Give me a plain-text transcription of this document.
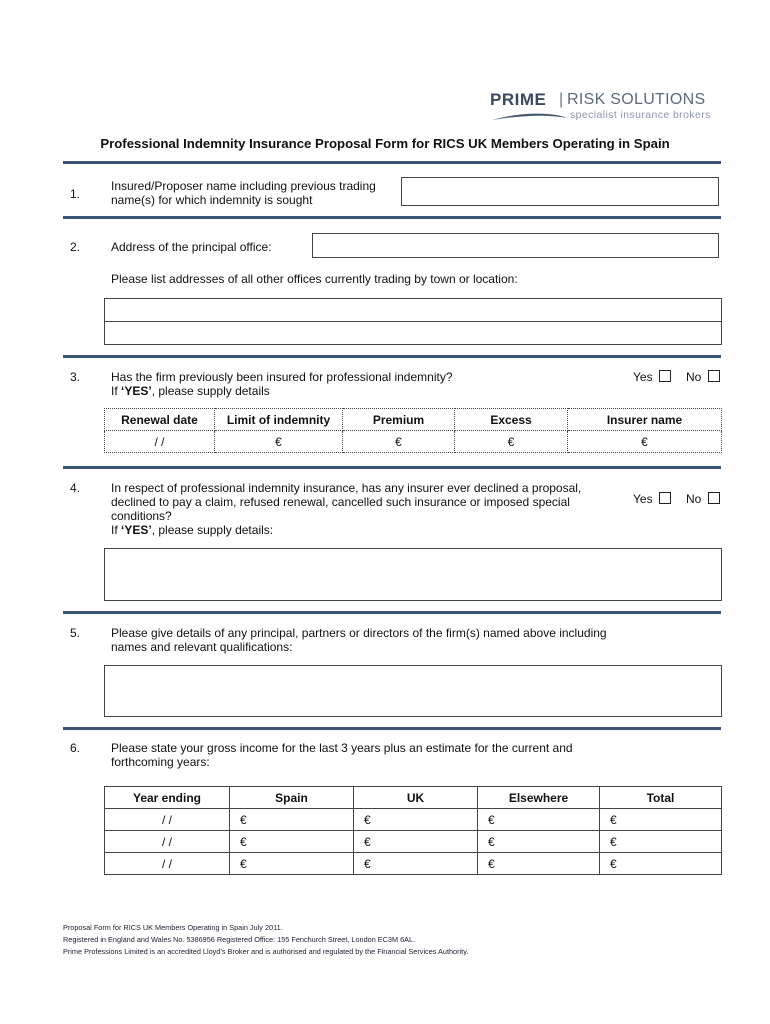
PRIME | RISK SOLUTIONS
specialist insurance brokers
Professional Indemnity Insurance Proposal Form for RICS UK Members Operating in Spain
1.
Insured/Proposer name including previous trading
name(s) for which indemnity is sought
2.	Address of the principal office:
Please list addresses of all other offices currently trading by town or location:
3.	Has the firm previously been insured for professional indemnity?
If ‘YES’, please supply details
Yes	No
Renewal date	Limit of indemnity	Premium	Excess	Insurer name
/ /	€	€	€	€
4.	In respect of professional indemnity insurance, has any insurer ever declined a proposal,
declined to pay a claim, refused renewal, cancelled such insurance or imposed special
conditions?
If ‘YES’, please supply details:
Yes	No
5.	Please give details of any principal, partners or directors of the firm(s) named above including
names and relevant qualifications:
6.	Please state your gross income for the last 3 years plus an estimate for the current and
forthcoming years:
Year ending	Spain	UK	Elsewhere	Total
/ /	€	€	€	€
/ /	€	€	€	€
/ /	€	€	€	€
Proposal Form for RICS UK Members Operating in Spain July 2011.
Registered in England and Wales No. 5386956 Registered Office: 155 Fenchurch Street, London EC3M 6AL.
Prime Professions Limited is an accredited Lloyd’s Broker and is authorised and regulated by the Financial Services Authority.
